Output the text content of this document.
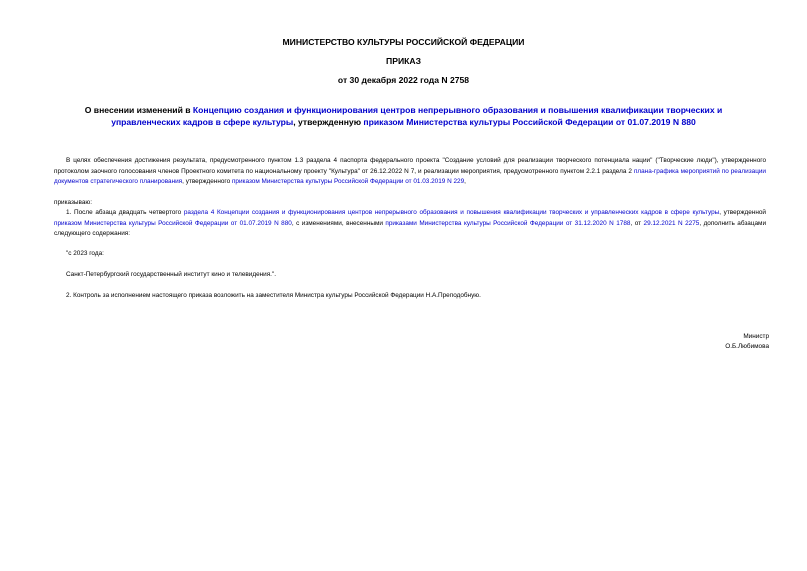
МИНИСТЕРСТВО КУЛЬТУРЫ РОССИЙСКОЙ ФЕДЕРАЦИИ

ПРИКАЗ

от 30 декабря 2022 года N 2758

О внесении изменений в Концепцию создания и функционирования центров непрерывного образования и повышения квалификации творческих и управленческих кадров в сфере культуры, утвержденную приказом Министерства культуры Российской Федерации от 01.07.2019 N 880

В целях обеспечения достижения результата, предусмотренного пунктом 1.3 раздела 4 паспорта федерального проекта "Создание условий для реализации творческого потенциала нации" ("Творческие люди"), утвержденного протоколом заочного голосования членов Проектного комитета по национальному проекту "Культура" от 26.12.2022 N 7, и реализации мероприятия, предусмотренного пунктом 2.2.1 раздела 2 плана-графика мероприятий по реализации документов стратегического планирования, утвержденного приказом Министерства культуры Российской Федерации от 01.03.2019 N 229,

приказываю:

1. После абзаца двадцать четвертого раздела 4 Концепции создания и функционирования центров непрерывного образования и повышения квалификации творческих и управленческих кадров в сфере культуры, утвержденной приказом Министерства культуры Российской Федерации от 01.07.2019 N 880, с изменениями, внесенными приказами Министерства культуры Российской Федерации от 31.12.2020 N 1788, от 29.12.2021 N 2275, дополнить абзацами следующего содержания:

"с 2023 года:

Санкт-Петербургский государственный институт кино и телевидения.".

2. Контроль за исполнением настоящего приказа возложить на заместителя Министра культуры Российской Федерации Н.А.Преподобную.

Министр

О.Б.Любимова
